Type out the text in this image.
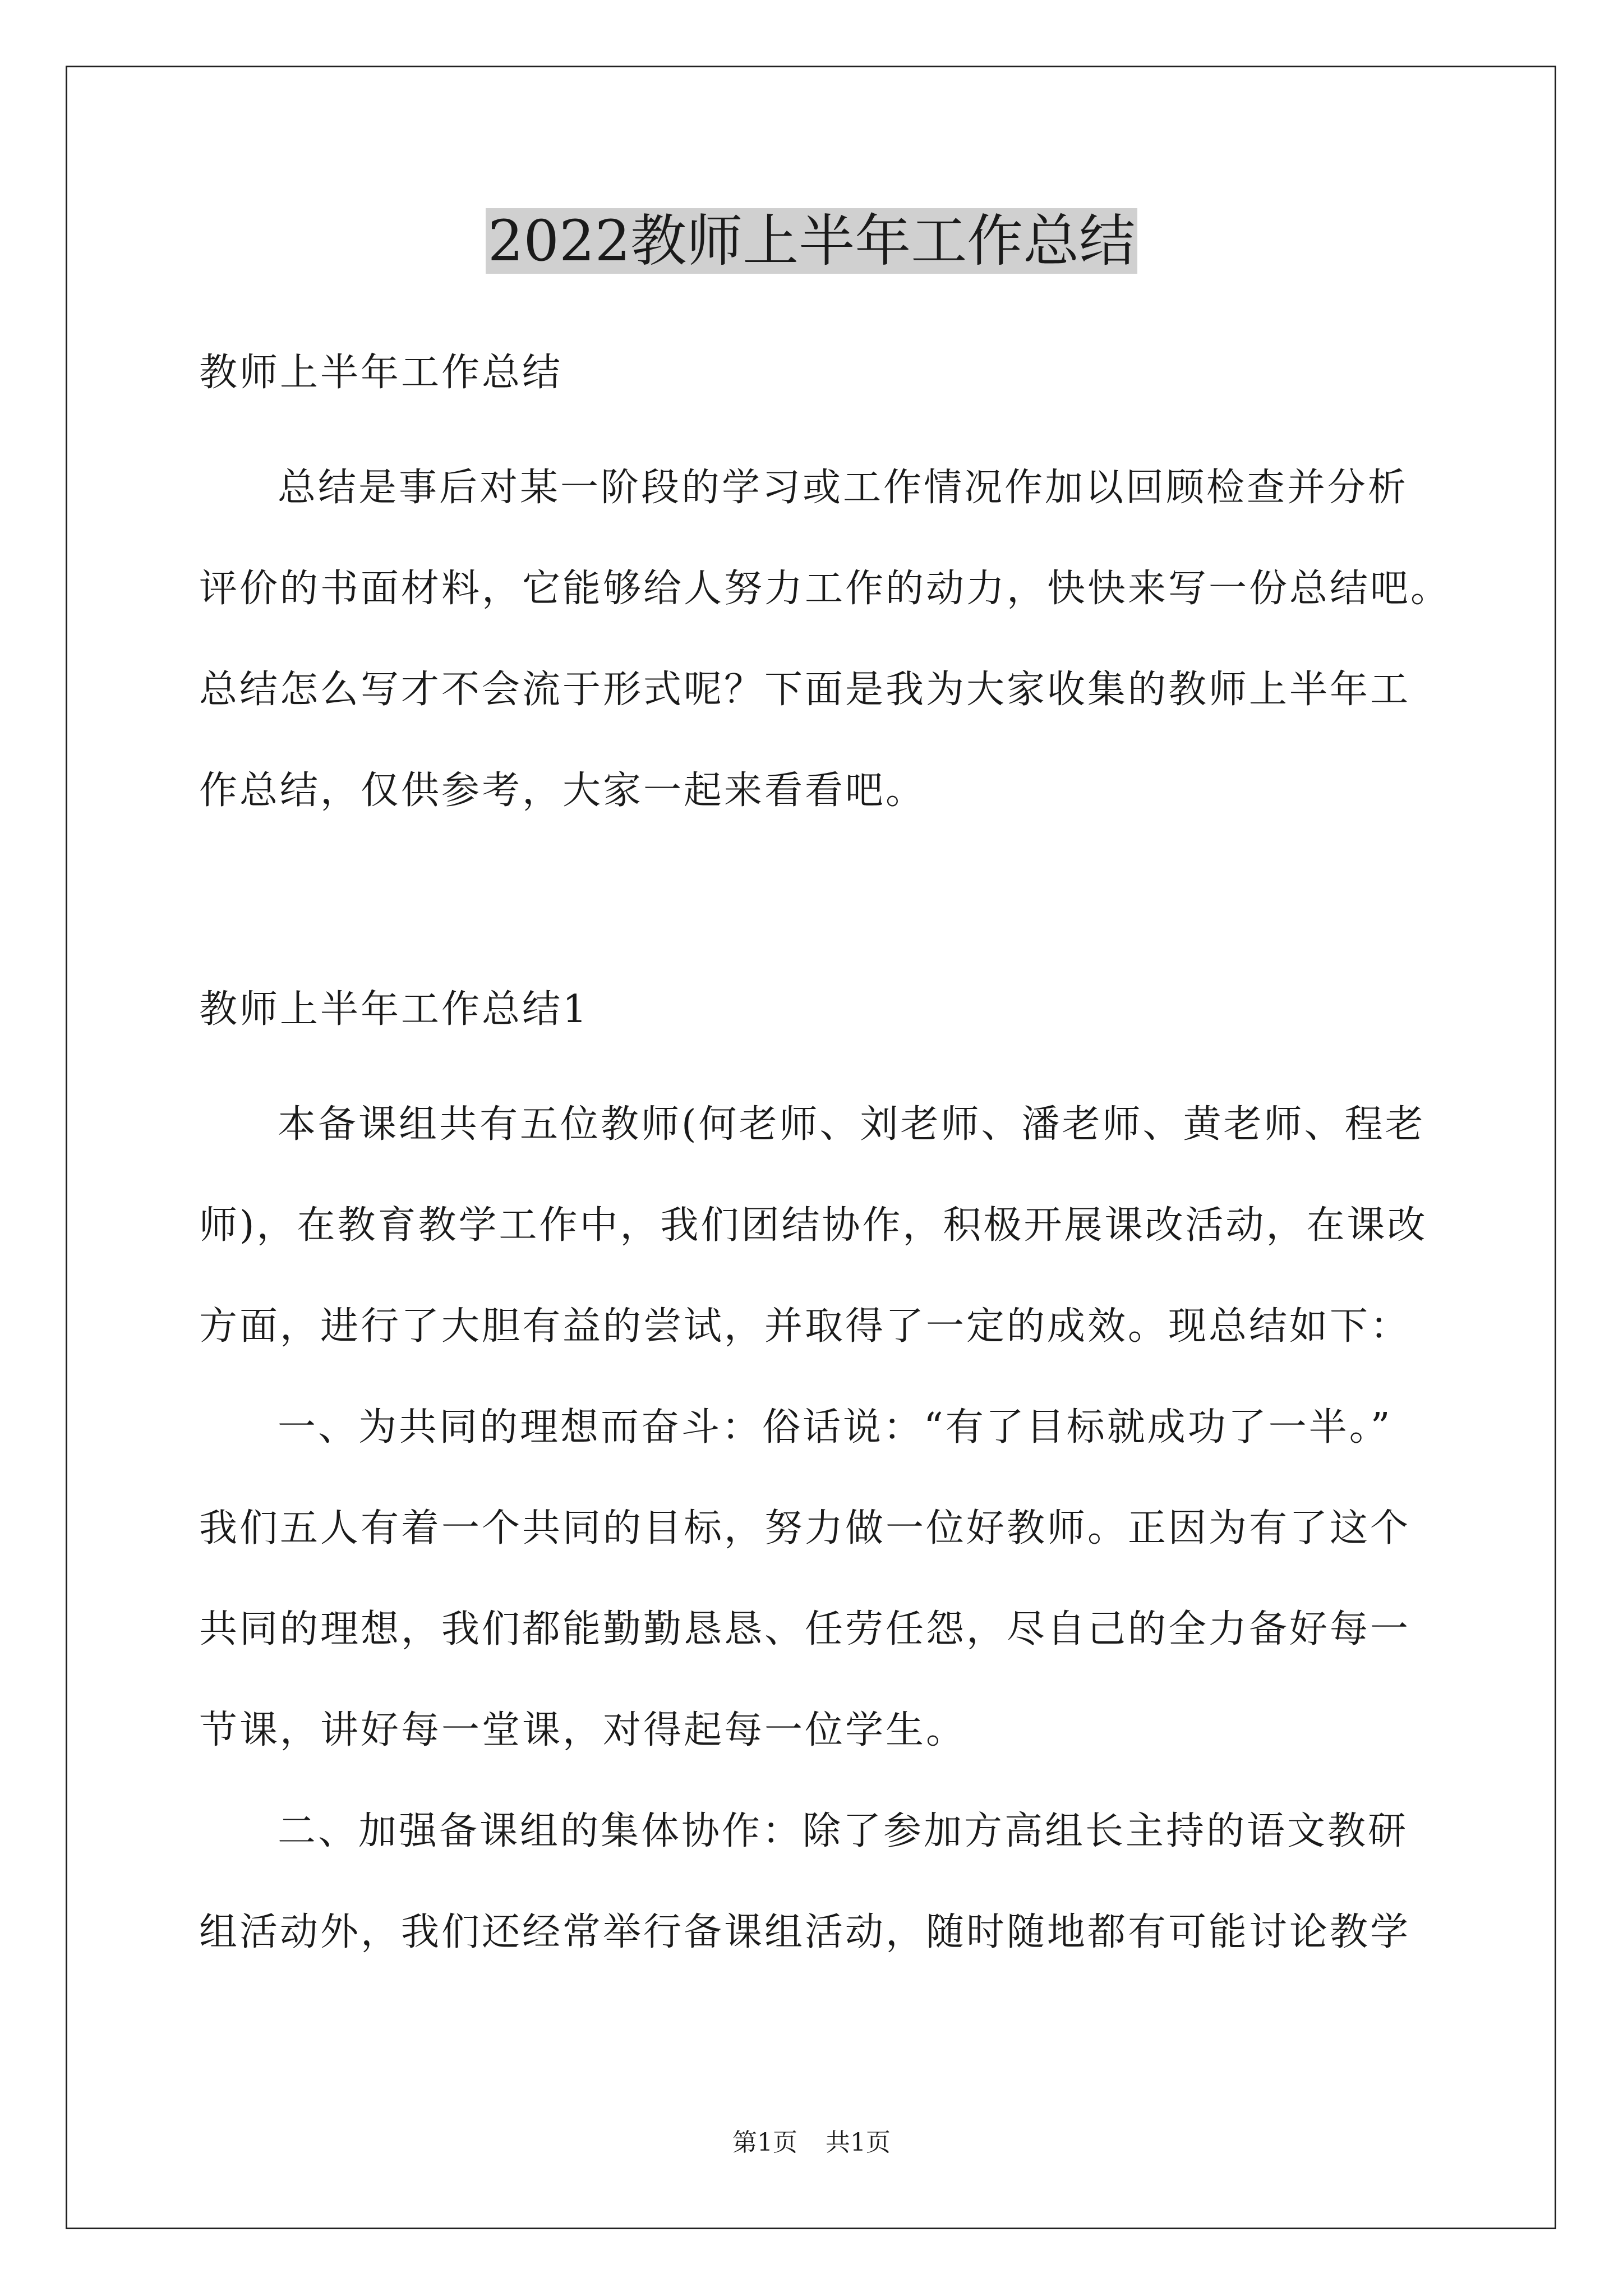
2022教师上半年工作总结
教师上半年工作总结
总结是事后对某一阶段的学习或工作情况作加以回顾检查并分析
评价的书面材料，它能够给人努力工作的动力，快快来写一份总结吧。
总结怎么写才不会流于形式呢？下面是我为大家收集的教师上半年工
作总结，仅供参考，大家一起来看看吧。
教师上半年工作总结1
本备课组共有五位教师(何老师、刘老师、潘老师、黄老师、程老
师)，在教育教学工作中，我们团结协作，积极开展课改活动，在课改
方面，进行了大胆有益的尝试，并取得了一定的成效。现总结如下：
一、为共同的理想而奋斗：俗话说：“有了目标就成功了一半。”
我们五人有着一个共同的目标，努力做一位好教师。正因为有了这个
共同的理想，我们都能勤勤恳恳、任劳任怨，尽自己的全力备好每一
节课，讲好每一堂课，对得起每一位学生。
二、加强备课组的集体协作：除了参加方高组长主持的语文教研
组活动外，我们还经常举行备课组活动，随时随地都有可能讨论教学
第1页 共1页
